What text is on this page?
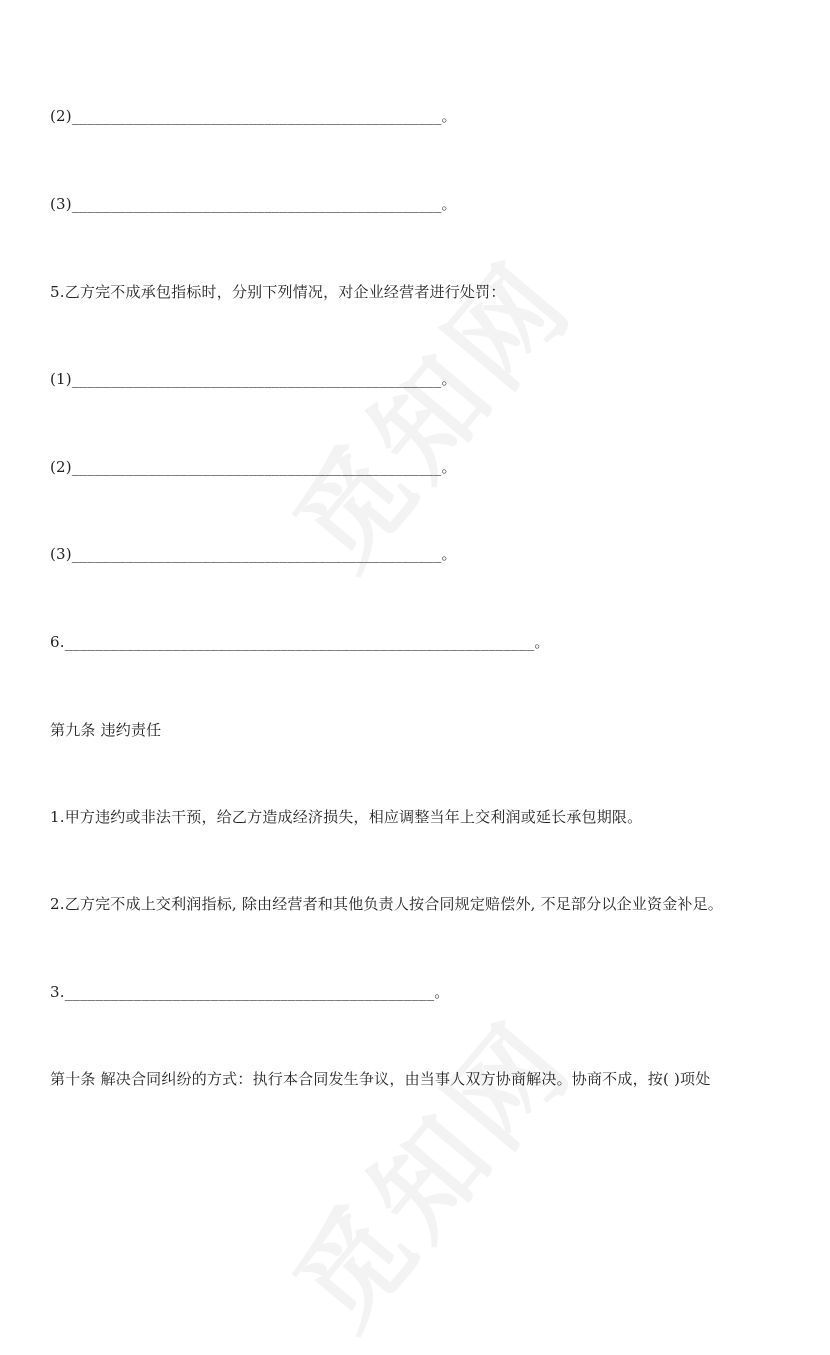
(2)________________________________________________。
(3)________________________________________________。
5.乙方完不成承包指标时，分别下列情况，对企业经营者进行处罚：
(1)________________________________________________。
(2)________________________________________________。
(3)________________________________________________。
6._____________________________________________________________。
第九条 违约责任
1.甲方违约或非法干预，给乙方造成经济损失，相应调整当年上交利润或延长承包期限。
2.乙方完不成上交利润指标, 除由经营者和其他负责人按合同规定赔偿外, 不足部分以企业资金补足。
3.________________________________________________。
第十条 解决合同纠纷的方式：执行本合同发生争议，由当事人双方协商解决。协商不成，按( )项处
